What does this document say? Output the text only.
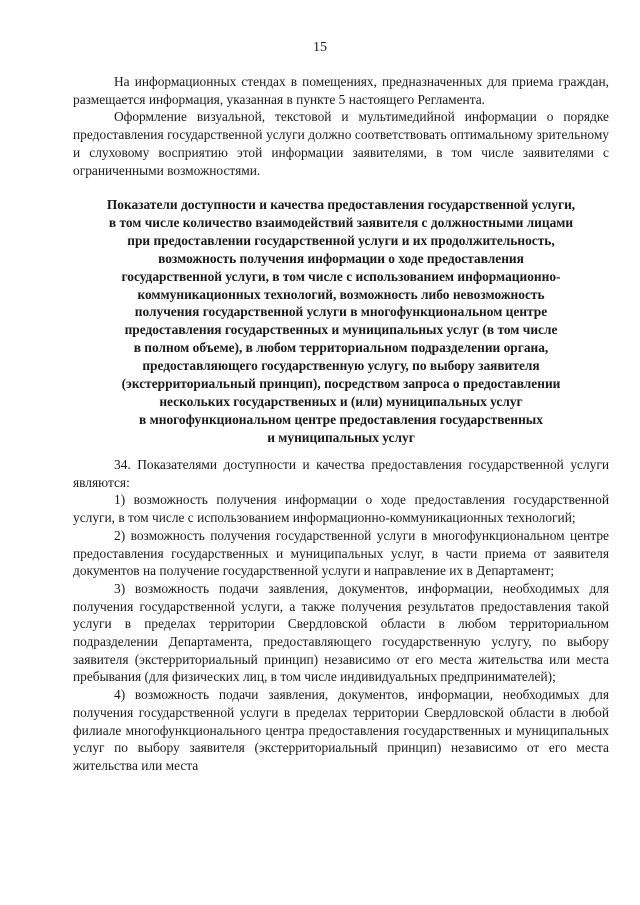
15

На информационных стендах в помещениях, предназначенных для приема граждан, размещается информация, указанная в пункте 5 настоящего Регламента.

Оформление визуальной, текстовой и мультимедийной информации о порядке предоставления государственной услуги должно соответствовать оптимальному зрительному и слуховому восприятию этой информации заявителями, в том числе заявителями с ограниченными возможностями.

Показатели доступности и качества предоставления государственной услуги,
в том числе количество взаимодействий заявителя с должностными лицами
при предоставлении государственной услуги и их продолжительность,
возможность получения информации о ходе предоставления
государственной услуги, в том числе с использованием информационно-
коммуникационных технологий, возможность либо невозможность
получения государственной услуги в многофункциональном центре
предоставления государственных и муниципальных услуг (в том числе
в полном объеме), в любом территориальном подразделении органа,
предоставляющего государственную услугу, по выбору заявителя
(экстерриториальный принцип), посредством запроса о предоставлении
нескольких государственных и (или) муниципальных услуг
в многофункциональном центре предоставления государственных
и муниципальных услуг

34. Показателями доступности и качества предоставления государственной услуги являются:

1) возможность получения информации о ходе предоставления государственной услуги, в том числе с использованием информационно-коммуникационных технологий;

2) возможность получения государственной услуги в многофункциональном центре предоставления государственных и муниципальных услуг, в части приема от заявителя документов на получение государственной услуги и направление их в Департамент;

3) возможность подачи заявления, документов, информации, необходимых для получения государственной услуги, а также получения результатов предоставления такой услуги в пределах территории Свердловской области в любом территориальном подразделении Департамента, предоставляющего государственную услугу, по выбору заявителя (экстерриториальный принцип) независимо от его места жительства или места пребывания (для физических лиц, в том числе индивидуальных предпринимателей);

4) возможность подачи заявления, документов, информации, необходимых для получения государственной услуги в пределах территории Свердловской области в любой филиале многофункционального центра предоставления государственных и муниципальных услуг по выбору заявителя (экстерриториальный принцип) независимо от его места жительства или места
